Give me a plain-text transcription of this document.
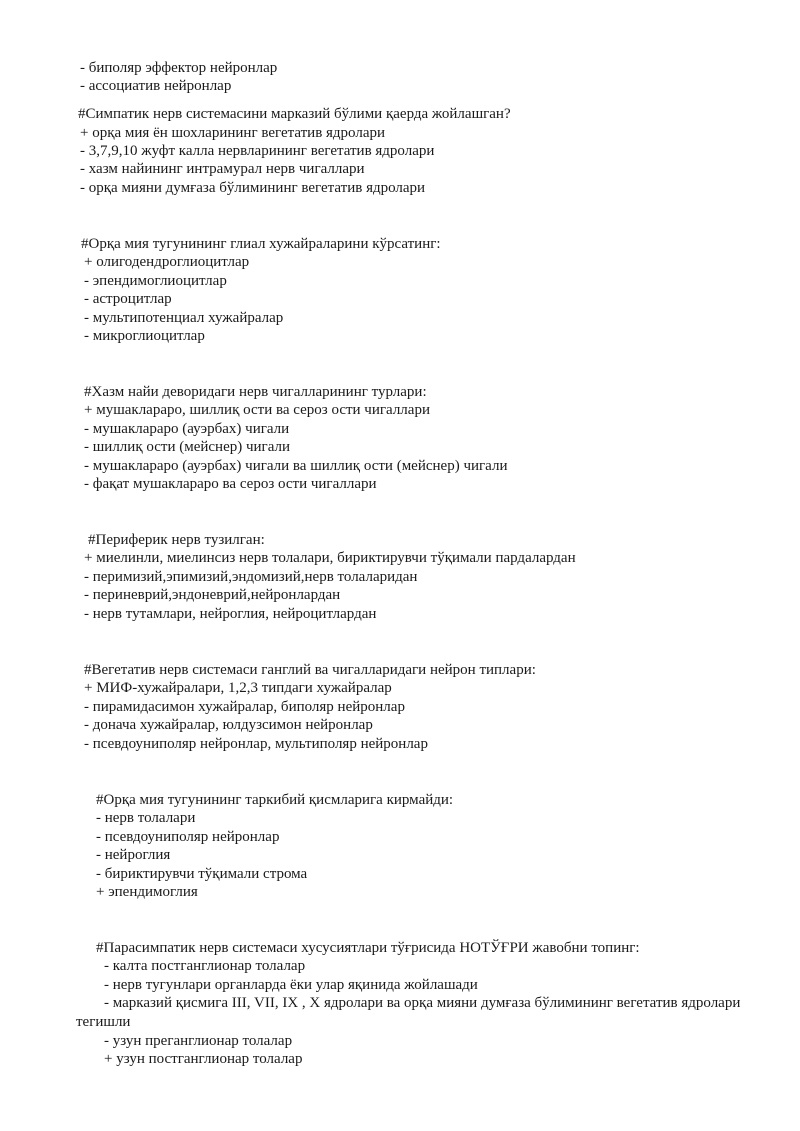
- биполяр эффектор нейронлар
- ассоциатив нейронлар
#Симпатик нерв системасини марказий бўлими қаерда жойлашган?
+ орқа мия ён шохларининг вегетатив ядролари
- 3,7,9,10 жуфт калла нервларининг вегетатив ядролари
- хазм найининг интрамурал нерв чигаллари
- орқа мияни думғаза бўлимининг вегетатив ядролари
#Орқа мия тугунининг глиал хужайраларини кўрсатинг:
+ олигодендроглиоцитлар
- эпендимоглиоцитлар
- астроцитлар
- мультипотенциал хужайралар
- микроглиоцитлар
#Хазм найи деворидаги нерв чигалларининг турлари:
+ мушакларaро, шиллиқ ости ва сероз ости чигаллари
- мушакларaро (ауэрбах) чигали
- шиллиқ ости (мейснер) чигали
- мушакларaро (ауэрбах) чигали ва шиллиқ ости (мейснер) чигали
- фақат мушакларaро ва сероз ости чигаллари
#Периферик нерв тузилган:
+ миелинли, миелинсиз нерв толалари, бириктирувчи тўқимали пардалардан
- перимизий,эпимизий,эндомизий,нерв толаларидан
- периневрий,эндоневрий,нейронлардан
- нерв тутамлари, нейроглия, нейроцитлардан
#Вегетатив нерв системаси ганглий ва чигалларидаги нейрон типлари:
+ МИФ-хужайралари, 1,2,3 типдаги хужайралар
- пирамидасимон хужайралар, биполяр нейронлар
- донача хужайралар, юлдузсимон нейронлар
- псевдоуниполяр нейронлар, мультиполяр нейронлар
#Орқа мия тугунининг таркибий қисмларига кирмайди:
- нерв толалари
- псевдоуниполяр нейронлар
- нейроглия
- бириктирувчи тўқимали строма
+ эпендимоглия
#Парасимпатик нерв системаси хусусиятлари тўғрисида НОТЎҒРИ жавобни топинг:
- калта постганглионар толалар
- нерв тугунлари органларда ёки улар яқинида жойлашади
- марказий қисмига III, VII, IX , X ядролари ва орқа мияни думғаза бўлимининг вегетатив ядролари тегишли
- узун преганглионар толалар
+ узун постганглионар толалар
